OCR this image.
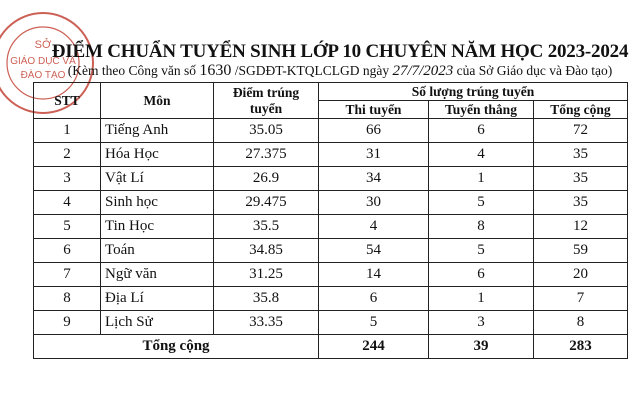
SỞ
GIÁO DỤC VÀ
ĐÀO TẠO
ĐIỂM CHUẨN TUYỂN SINH LỚP 10 CHUYÊN NĂM HỌC 2023-2024
(Kèm theo Công văn số 1630 /SGDĐT-KTQLCLGD ngày 27/7/2023 của Sở Giáo dục và Đào tạo)
STT	Môn	Điểm trúng tuyển	Số lượng trúng tuyển		
			Thi tuyển	Tuyển thẳng	Tổng cộng
1	Tiếng Anh	35.05	66	6	72
2	Hóa Học	27.375	31	4	35
3	Vật Lí	26.9	34	1	35
4	Sinh học	29.475	30	5	35
5	Tin Học	35.5	4	8	12
6	Toán	34.85	54	5	59
7	Ngữ văn	31.25	14	6	20
8	Địa Lí	35.8	6	1	7
9	Lịch Sử	33.35	5	3	8
Tổng cộng			244	39	283
